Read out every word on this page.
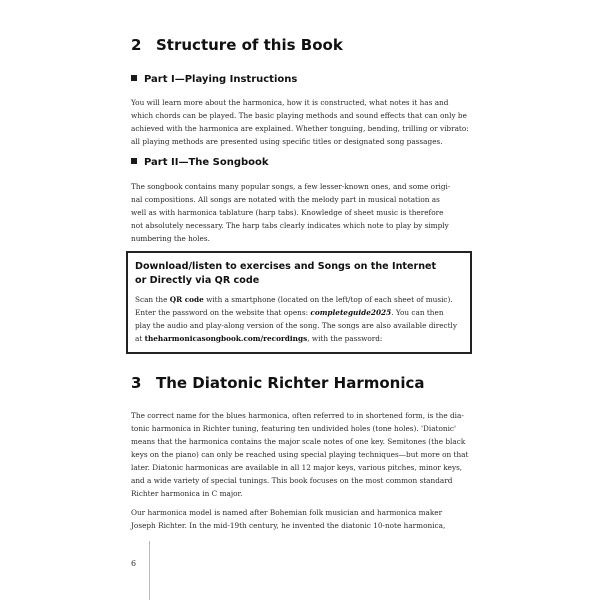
2 Structure of this Book
Part I—Playing Instructions
You will learn more about the harmonica, how it is constructed, what notes it has and
which chords can be played. The basic playing methods and sound effects that can only be
achieved with the harmonica are explained. Whether tonguing, bending, trilling or vibrato:
all playing methods are presented using specific titles or designated song passages.
Part II—The Songbook
The songbook contains many popular songs, a few lesser-known ones, and some origi-
nal compositions. All songs are notated with the melody part in musical notation as
well as with harmonica tablature (harp tabs). Knowledge of sheet music is therefore
not absolutely necessary. The harp tabs clearly indicates which note to play by simply
numbering the holes.
Download/listen to exercises and Songs on the Internet
or Directly via QR code
Scan the QR code with a smartphone (located on the left/top of each sheet of music).
Enter the password on the website that opens: completeguide2025. You can then
play the audio and play-along version of the song. The songs are also available directly
at theharmonicasongbook.com/recordings, with the password:
3 The Diatonic Richter Harmonica
The correct name for the blues harmonica, often referred to in shortened form, is the dia-
tonic harmonica in Richter tuning, featuring ten undivided holes (tone holes). 'Diatonic'
means that the harmonica contains the major scale notes of one key. Semitones (the black
keys on the piano) can only be reached using special playing techniques—but more on that
later. Diatonic harmonicas are available in all 12 major keys, various pitches, minor keys,
and a wide variety of special tunings. This book focuses on the most common standard
Richter harmonica in C major.
Our harmonica model is named after Bohemian folk musician and harmonica maker
Joseph Richter. In the mid-19th century, he invented the diatonic 10-note harmonica,
6
